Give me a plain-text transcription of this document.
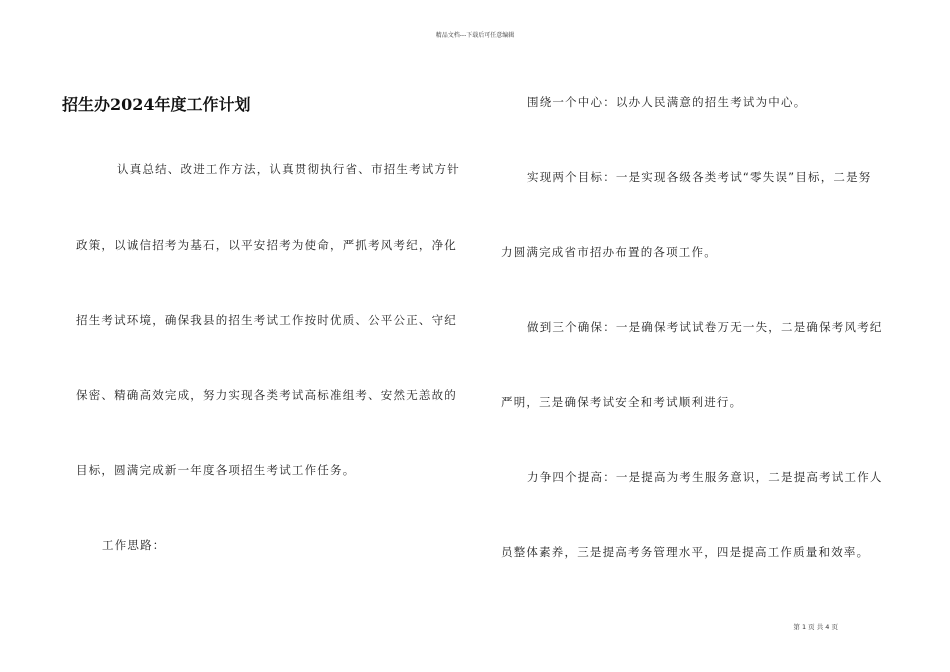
精品文档---下载后可任意编辑
招生办2024年度工作计划
认真总结、改进工作方法，认真贯彻执行省、市招生考试方针
政策，以诚信招考为基石，以平安招考为使命，严抓考风考纪，净化
招生考试环境，确保我县的招生考试工作按时优质、公平公正、守纪
保密、精确高效完成，努力实现各类考试高标准组考、安然无恙故的
目标，圆满完成新一年度各项招生考试工作任务。
工作思路：
围绕一个中心：以办人民满意的招生考试为中心。
实现两个目标：一是实现各级各类考试“零失误”目标，二是努
力圆满完成省市招办布置的各项工作。
做到三个确保：一是确保考试试卷万无一失，二是确保考风考纪
严明，三是确保考试安全和考试顺利进行。
力争四个提高：一是提高为考生服务意识，二是提高考试工作人
员整体素养，三是提高考务管理水平，四是提高工作质量和效率。
第 1 页 共 4 页
